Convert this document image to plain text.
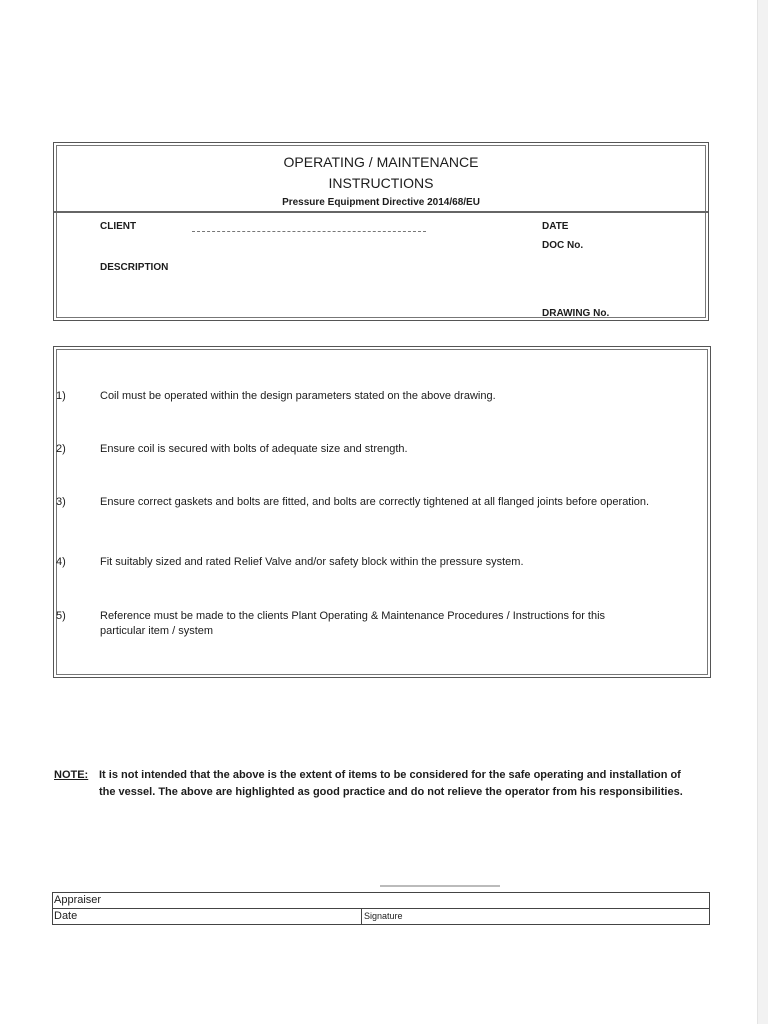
OPERATING / MAINTENANCE
INSTRUCTIONS
Pressure Equipment Directive 2014/68/EU
CLIENT
DESCRIPTION
DATE
DOC No.
DRAWING No.
1)	Coil must be operated within the design parameters stated on the above drawing.
2)	Ensure coil is secured with bolts of adequate size and strength.
3)	Ensure correct gaskets and bolts are fitted, and bolts are correctly tightened at all flanged joints before operation.
4)	Fit suitably sized and rated Relief Valve and/or safety block within the pressure system.
5)	Reference must be made to the clients Plant Operating & Maintenance Procedures / Instructions for this particular item / system
NOTE: It is not intended that the above is the extent of items to be considered for the safe operating and installation of the vessel. The above are highlighted as good practice and do not relieve the operator from his responsibilities.
Appraiser
Date	Signature
